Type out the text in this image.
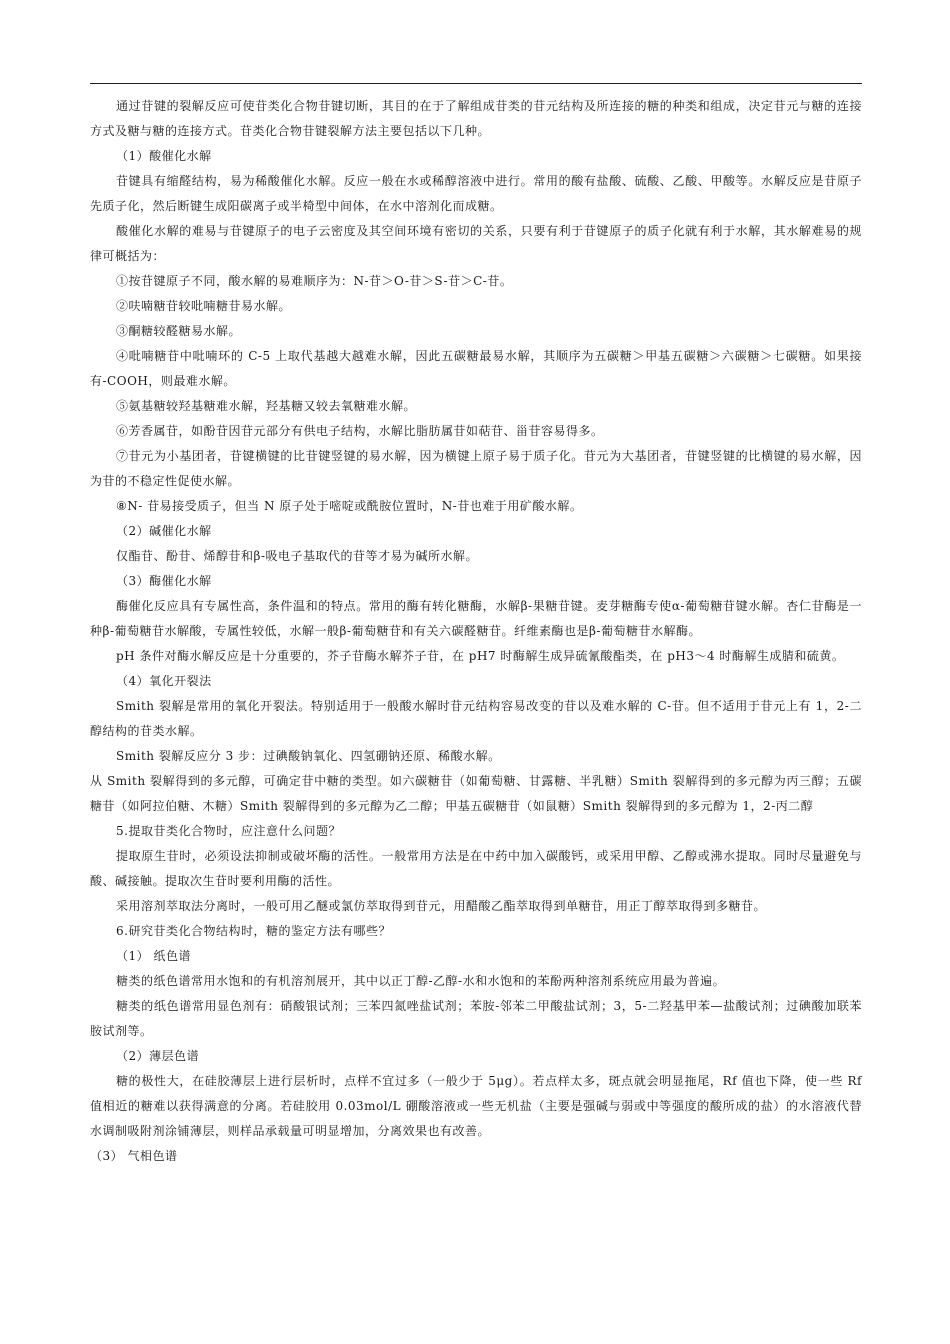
通过苷键的裂解反应可使苷类化合物苷键切断，其目的在于了解组成苷类的苷元结构及所连接的糖的种类和组成，决定苷元与糖的连接方式及糖与糖的连接方式。苷类化合物苷键裂解方法主要包括以下几种。

（1）酸催化水解

苷键具有缩醛结构，易为稀酸催化水解。反应一般在水或稀醇溶液中进行。常用的酸有盐酸、硫酸、乙酸、甲酸等。水解反应是苷原子先质子化，然后断键生成阳碳离子或半椅型中间体，在水中溶剂化而成糖。

酸催化水解的难易与苷键原子的电子云密度及其空间环境有密切的关系，只要有利于苷键原子的质子化就有利于水解，其水解难易的规律可概括为：

①按苷键原子不同，酸水解的易难顺序为：N-苷＞O-苷＞S-苷＞C-苷。

②呋喃糖苷较吡喃糖苷易水解。

③酮糖较醛糖易水解。

④吡喃糖苷中吡喃环的 C-5 上取代基越大越难水解，因此五碳糖最易水解，其顺序为五碳糖＞甲基五碳糖＞六碳糖＞七碳糖。如果接有-COOH，则最难水解。

⑤氨基糖较羟基糖难水解，羟基糖又较去氧糖难水解。

⑥芳香属苷，如酚苷因苷元部分有供电子结构，水解比脂肪属苷如萜苷、甾苷容易得多。

⑦苷元为小基团者，苷键横键的比苷键竖键的易水解，因为横键上原子易于质子化。苷元为大基团者，苷键竖键的比横键的易水解，因为苷的不稳定性促使水解。

⑧N- 苷易接受质子，但当 N 原子处于嘧啶或酰胺位置时，N-苷也难于用矿酸水解。

（2）碱催化水解

仅酯苷、酚苷、烯醇苷和β-吸电子基取代的苷等才易为碱所水解。

（3）酶催化水解

酶催化反应具有专属性高，条件温和的特点。常用的酶有转化糖酶，水解β-果糖苷键。麦芽糖酶专使α-葡萄糖苷键水解。杏仁苷酶是一种β-葡萄糖苷水解酸，专属性较低，水解一般β-葡萄糖苷和有关六碳醛糖苷。纤维素酶也是β-葡萄糖苷水解酶。

pH 条件对酶水解反应是十分重要的，芥子苷酶水解芥子苷，在 pH7 时酶解生成异硫氰酸酯类，在 pH3～4 时酶解生成腈和硫黄。

（4）氧化开裂法

Smith 裂解是常用的氧化开裂法。特别适用于一般酸水解时苷元结构容易改变的苷以及难水解的 C-苷。但不适用于苷元上有 1，2-二醇结构的苷类水解。

Smith 裂解反应分 3 步：过碘酸钠氧化、四氢硼钠还原、稀酸水解。

从 Smith 裂解得到的多元醇，可确定苷中糖的类型。如六碳糖苷（如葡萄糖、甘露糖、半乳糖）Smith 裂解得到的多元醇为丙三醇；五碳糖苷（如阿拉伯糖、木糖）Smith 裂解得到的多元醇为乙二醇；甲基五碳糖苷（如鼠糖）Smith 裂解得到的多元醇为 1，2-丙二醇

5.提取苷类化合物时，应注意什么问题？

提取原生苷时，必须设法抑制或破坏酶的活性。一般常用方法是在中药中加入碳酸钙，或采用甲醇、乙醇或沸水提取。同时尽量避免与酸、碱接触。提取次生苷时要利用酶的活性。

采用溶剂萃取法分离时，一般可用乙醚或氯仿萃取得到苷元，用醋酸乙酯萃取得到单糖苷，用正丁醇萃取得到多糖苷。

6.研究苷类化合物结构时，糖的鉴定方法有哪些？

（1） 纸色谱

糖类的纸色谱常用水饱和的有机溶剂展开，其中以正丁醇-乙醇-水和水饱和的苯酚两种溶剂系统应用最为普遍。

糖类的纸色谱常用显色剂有：硝酸银试剂；三苯四氮唑盐试剂；苯胺-邻苯二甲酸盐试剂；3，5-二羟基甲苯—盐酸试剂；过碘酸加联苯胺试剂等。

（2）薄层色谱

糖的极性大，在硅胶薄层上进行层析时，点样不宜过多（一般少于 5μg）。若点样太多，斑点就会明显拖尾，Rf 值也下降，使一些 Rf 值相近的糖难以获得满意的分离。若硅胶用 0.03mol/L 硼酸溶液或一些无机盐（主要是强碱与弱或中等强度的酸所成的盐）的水溶液代替水调制吸附剂涂铺薄层，则样品承载量可明显增加，分离效果也有改善。

（3） 气相色谱
